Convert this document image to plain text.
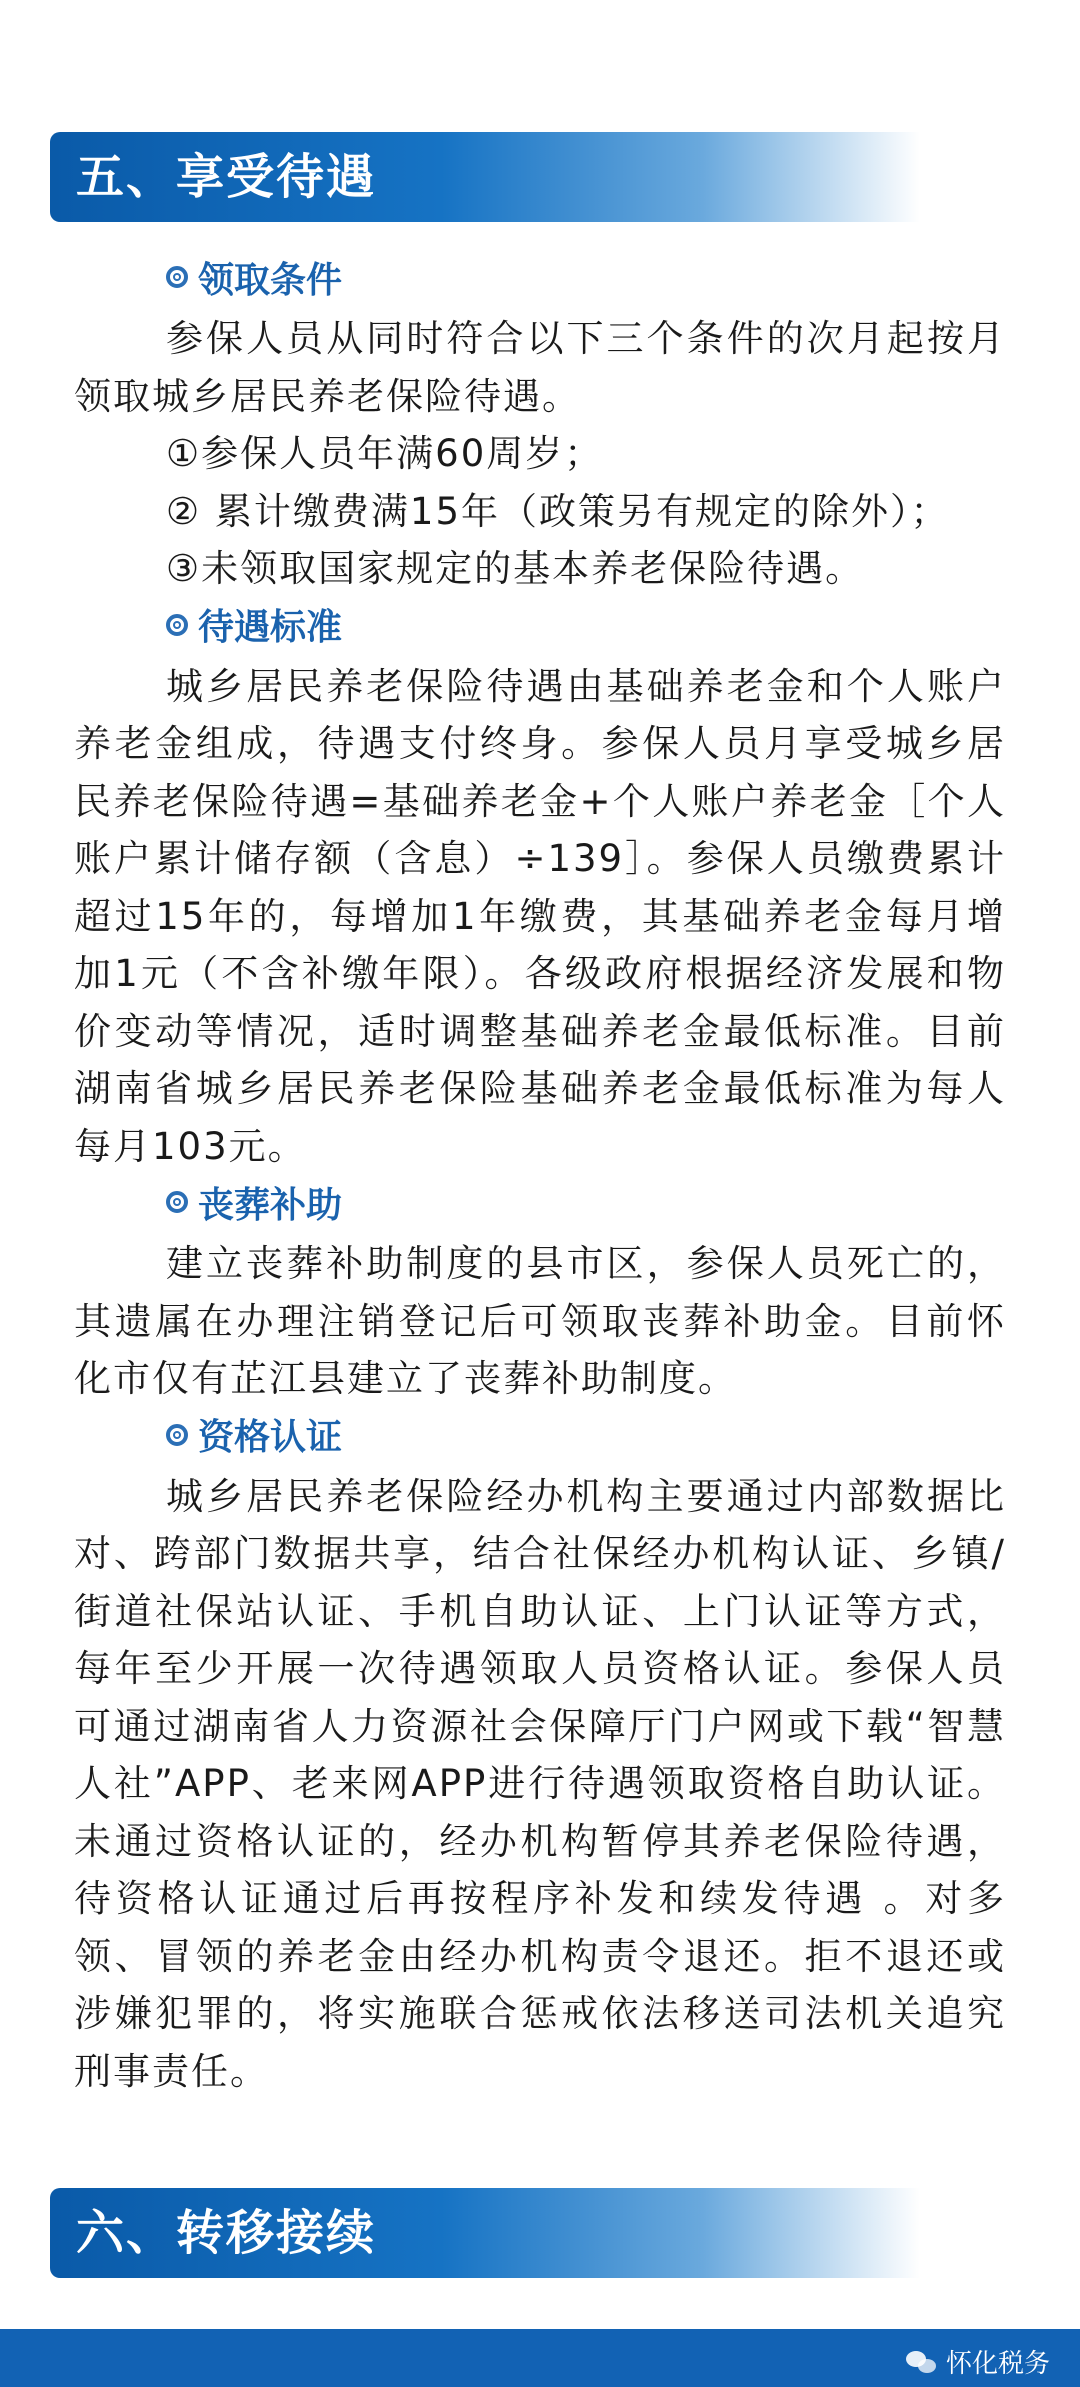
五、享受待遇
领取条件

参保人员从同时符合以下三个条件的次月起按月领取城乡居民养老保险待遇。

①参保人员年满60周岁；

② 累计缴费满15年（政策另有规定的除外）；

③未领取国家规定的基本养老保险待遇。

待遇标准

城乡居民养老保险待遇由基础养老金和个人账户养老金组成，待遇支付终身。参保人员月享受城乡居民养老保险待遇=基础养老金+个人账户养老金［个人账户累计储存额（含息）÷139］。参保人员缴费累计超过15年的，每增加1年缴费，其基础养老金每月增加1元（不含补缴年限）。各级政府根据经济发展和物价变动等情况，适时调整基础养老金最低标准。目前湖南省城乡居民养老保险基础养老金最低标准为每人每月103元。

丧葬补助

建立丧葬补助制度的县市区，参保人员死亡的，其遗属在办理注销登记后可领取丧葬补助金。目前怀化市仅有芷江县建立了丧葬补助制度。

资格认证

城乡居民养老保险经办机构主要通过内部数据比对、跨部门数据共享，结合社保经办机构认证、乡镇/街道社保站认证、手机自助认证、上门认证等方式，每年至少开展一次待遇领取人员资格认证。参保人员可通过湖南省人力资源社会保障厅门户网或下载“智慧人社”APP、老来网APP进行待遇领取资格自助认证。未通过资格认证的，经办机构暂停其养老保险待遇，待资格认证通过后再按程序补发和续发待遇 。对多领、冒领的养老金由经办机构责令退还。拒不退还或涉嫌犯罪的，将实施联合惩戒依法移送司法机关追究刑事责任。

六、转移接续
怀化税务
